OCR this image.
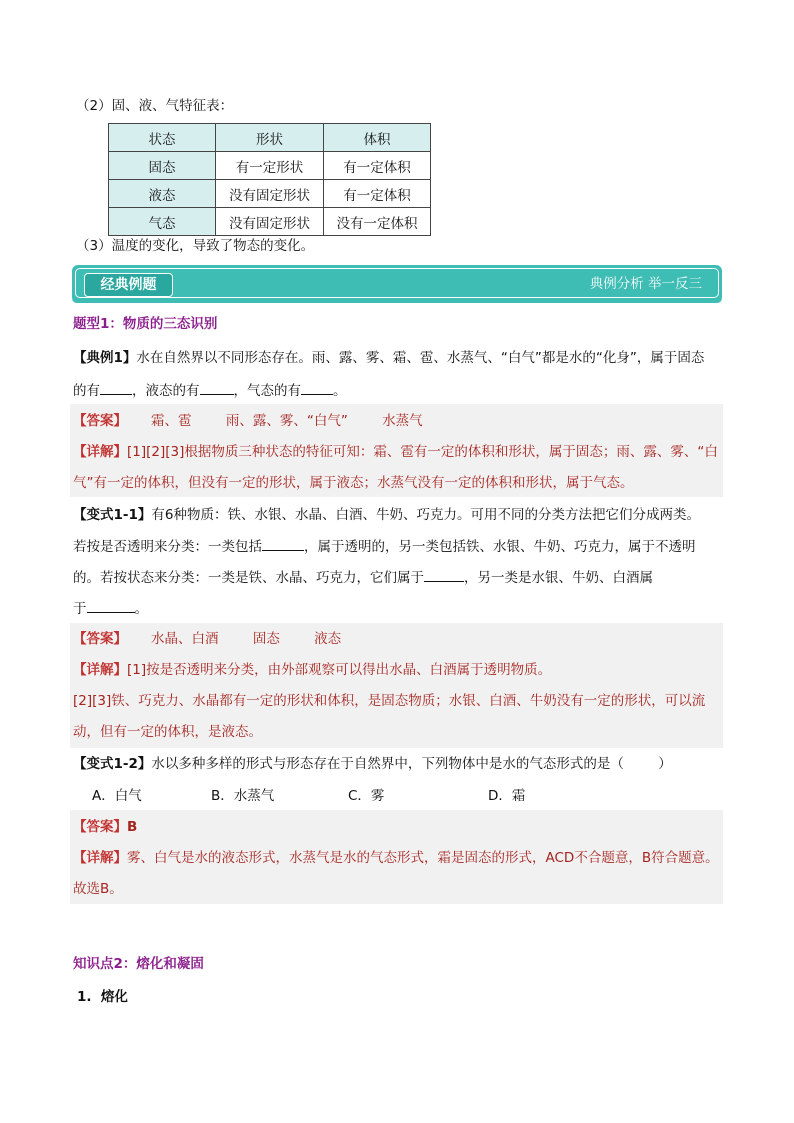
（2）固、液、气特征表：
状态	形状	体积
固态	有一定形状	有一定体积
液态	没有固定形状	有一定体积
气态	没有固定形状	没有一定体积
（3）温度的变化，导致了物态的变化。
经典例题	典例分析 举一反三
题型1：物质的三态识别
【典例1】水在自然界以不同形态存在。雨、露、雾、霜、雹、水蒸气、“白气”都是水的“化身”，属于固态
的有 ，液态的有	，气态的有 。
【答案】 霜、雹        雨、露、雾、“白气”        水蒸气
【详解】[1][2][3]根据物质三种状态的特征可知：霜、雹有一定的体积和形状，属于固态；雨、露、雾、“白
气”有一定的体积，但没有一定的形状，属于液态；水蒸气没有一定的体积和形状，属于气态。
【变式1-1】有6种物质：铁、水银、水晶、白酒、牛奶、巧克力。可用不同的分类方法把它们分成两类。
若按是否透明来分类：一类包括	，属于透明的，另一类包括铁、水银、牛奶、巧克力，属于不透明
的。若按状态来分类：一类是铁、水晶、巧克力，它们属于	，另一类是水银、牛奶、白酒属
于	。
【答案】 水晶、白酒        固态        液态
【详解】[1]按是否透明来分类，由外部观察可以得出水晶、白酒属于透明物质。
[2][3]铁、巧克力、水晶都有一定的形状和体积，是固态物质；水银、白酒、牛奶没有一定的形状，可以流
动，但有一定的体积，是液态。
【变式1-2】水以多种多样的形式与形态存在于自然界中，下列物体中是水的气态形式的是（        ）
A．白气	B．水蒸气	C．雾	D．霜
【答案】B
【详解】雾、白气是水的液态形式，水蒸气是水的气态形式，霜是固态的形式，ACD不合题意，B符合题意。
故选B。
知识点2：熔化和凝固
1.  熔化
